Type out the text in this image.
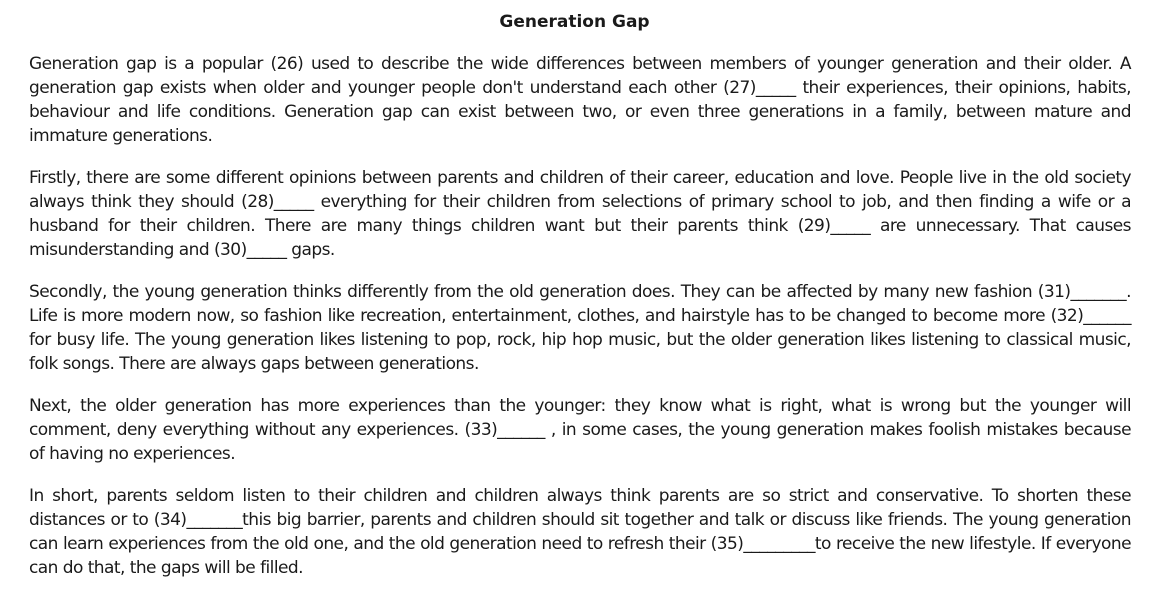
Generation Gap

Generation gap is a popular (26) used to describe the wide differences between members of younger generation and their older. A generation gap exists when older and younger people don't understand each other (27)_____ their experiences, their opinions, habits, behaviour and life conditions. Generation gap can exist between two, or even three generations in a family, between mature and immature generations.

Firstly, there are some different opinions between parents and children of their career, education and love. People live in the old society always think they should (28)_____ everything for their children from selections of primary school to job, and then finding a wife or a husband for their children. There are many things children want but their parents think (29)_____ are unnecessary. That causes misunderstanding and (30)_____ gaps.

Secondly, the young generation thinks differently from the old generation does. They can be affected by many new fashion (31)_______. Life is more modern now, so fashion like recreation, entertainment, clothes, and hairstyle has to be changed to become more (32)______ for busy life. The young generation likes listening to pop, rock, hip hop music, but the older generation likes listening to classical music, folk songs. There are always gaps between generations.

Next, the older generation has more experiences than the younger: they know what is right, what is wrong but the younger will comment, deny everything without any experiences. (33)______ , in some cases, the young generation makes foolish mistakes because of having no experiences.

In short, parents seldom listen to their children and children always think parents are so strict and conservative. To shorten these distances or to (34)_______this big barrier, parents and children should sit together and talk or discuss like friends. The young generation can learn experiences from the old one, and the old generation need to refresh their (35)_________to receive the new lifestyle. If everyone can do that, the gaps will be filled.
